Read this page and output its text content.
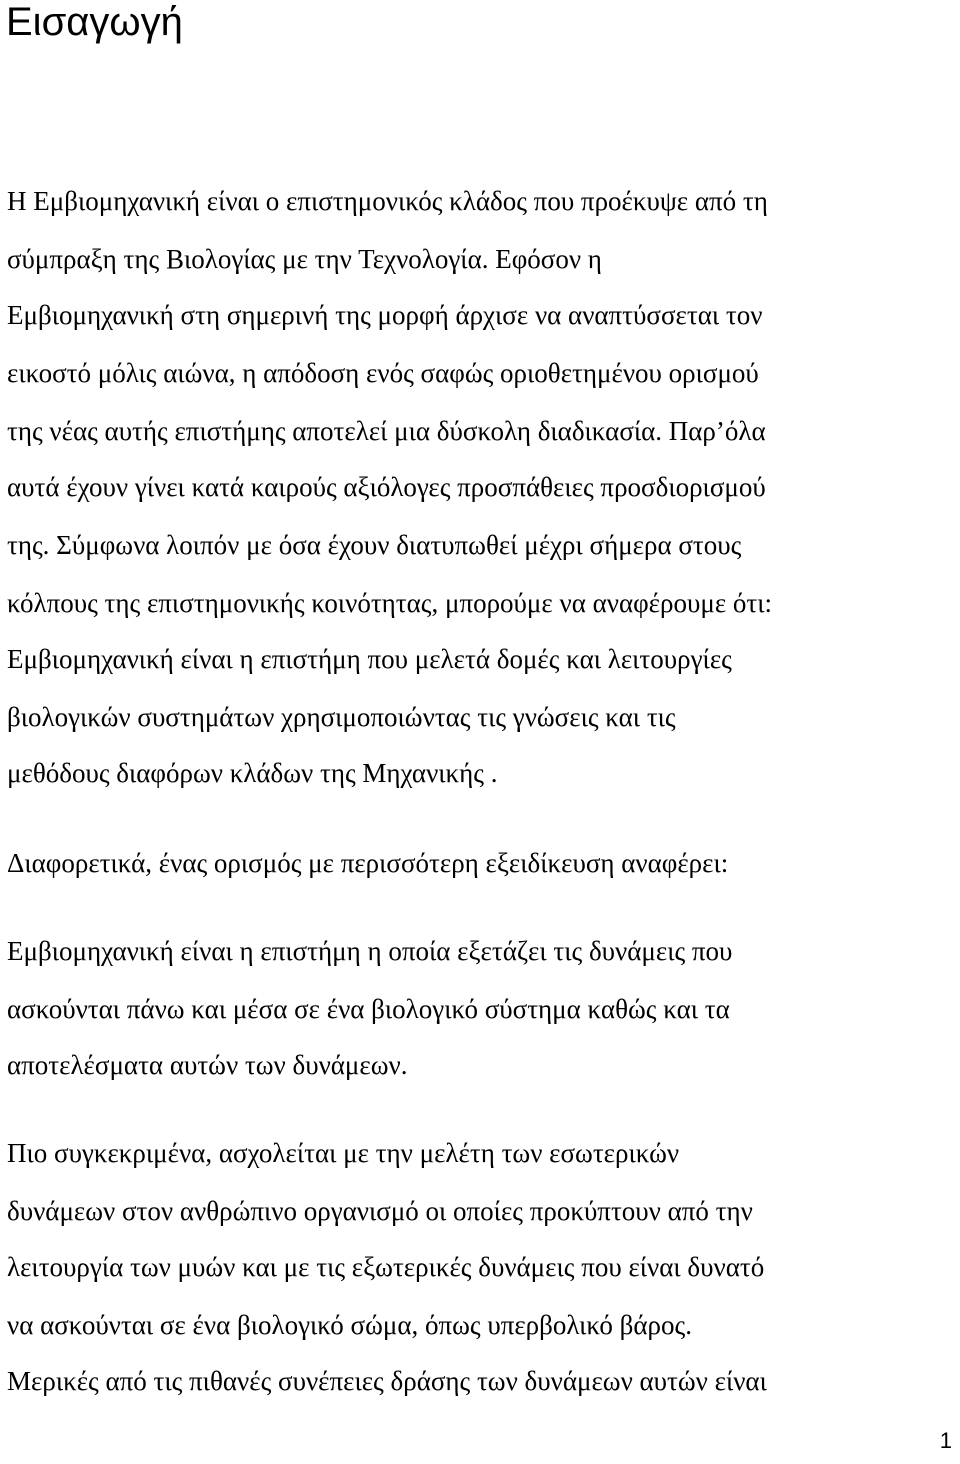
Εισαγωγή

Η Εμβιομηχανική είναι ο επιστημονικός κλάδος που προέκυψε από τη

σύμπραξη της Βιολογίας με την Τεχνολογία. Εφόσον η

Εμβιομηχανική στη σημερινή της μορφή άρχισε να αναπτύσσεται τον

εικοστό μόλις αιώνα, η απόδοση ενός σαφώς οριοθετημένου ορισμού

της νέας αυτής επιστήμης αποτελεί μια δύσκολη διαδικασία. Παρ’όλα

αυτά έχουν γίνει κατά καιρούς αξιόλογες προσπάθειες προσδιορισμού

της. Σύμφωνα λοιπόν με όσα έχουν διατυπωθεί μέχρι σήμερα στους

κόλπους της επιστημονικής κοινότητας, μπορούμε να αναφέρουμε ότι:

Εμβιομηχανική είναι η επιστήμη που μελετά δομές και λειτουργίες

βιολογικών συστημάτων χρησιμοποιώντας τις γνώσεις και τις

μεθόδους διαφόρων κλάδων της Μηχανικής .

Διαφορετικά, ένας ορισμός με περισσότερη εξειδίκευση αναφέρει:

Εμβιομηχανική είναι η επιστήμη η οποία εξετάζει τις δυνάμεις που

ασκούνται πάνω και μέσα σε ένα βιολογικό σύστημα καθώς και τα

αποτελέσματα αυτών των δυνάμεων.

Πιο συγκεκριμένα, ασχολείται με την μελέτη των εσωτερικών

δυνάμεων στον ανθρώπινο οργανισμό οι οποίες προκύπτουν από την

λειτουργία των μυών και με τις εξωτερικές δυνάμεις που είναι δυνατό

να ασκούνται σε ένα βιολογικό σώμα, όπως υπερβολικό βάρος.

Μερικές από τις πιθανές συνέπειες δράσης των δυνάμεων αυτών είναι

1
